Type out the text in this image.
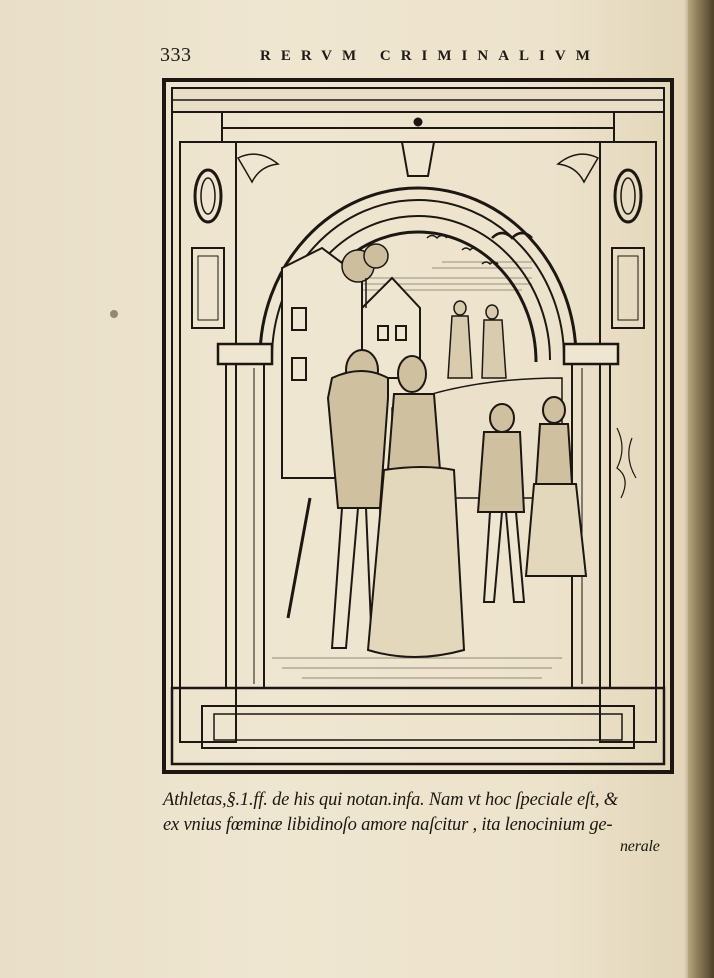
333	RERVM CRIMINALIVM
Athletas,§.1.ff. de his qui notan.infa. Nam vt hoc ſpeciale eſt, &
ex vnius fœminæ libidinoſo amore naſcitur , ita lenocinium ge-
nerale
